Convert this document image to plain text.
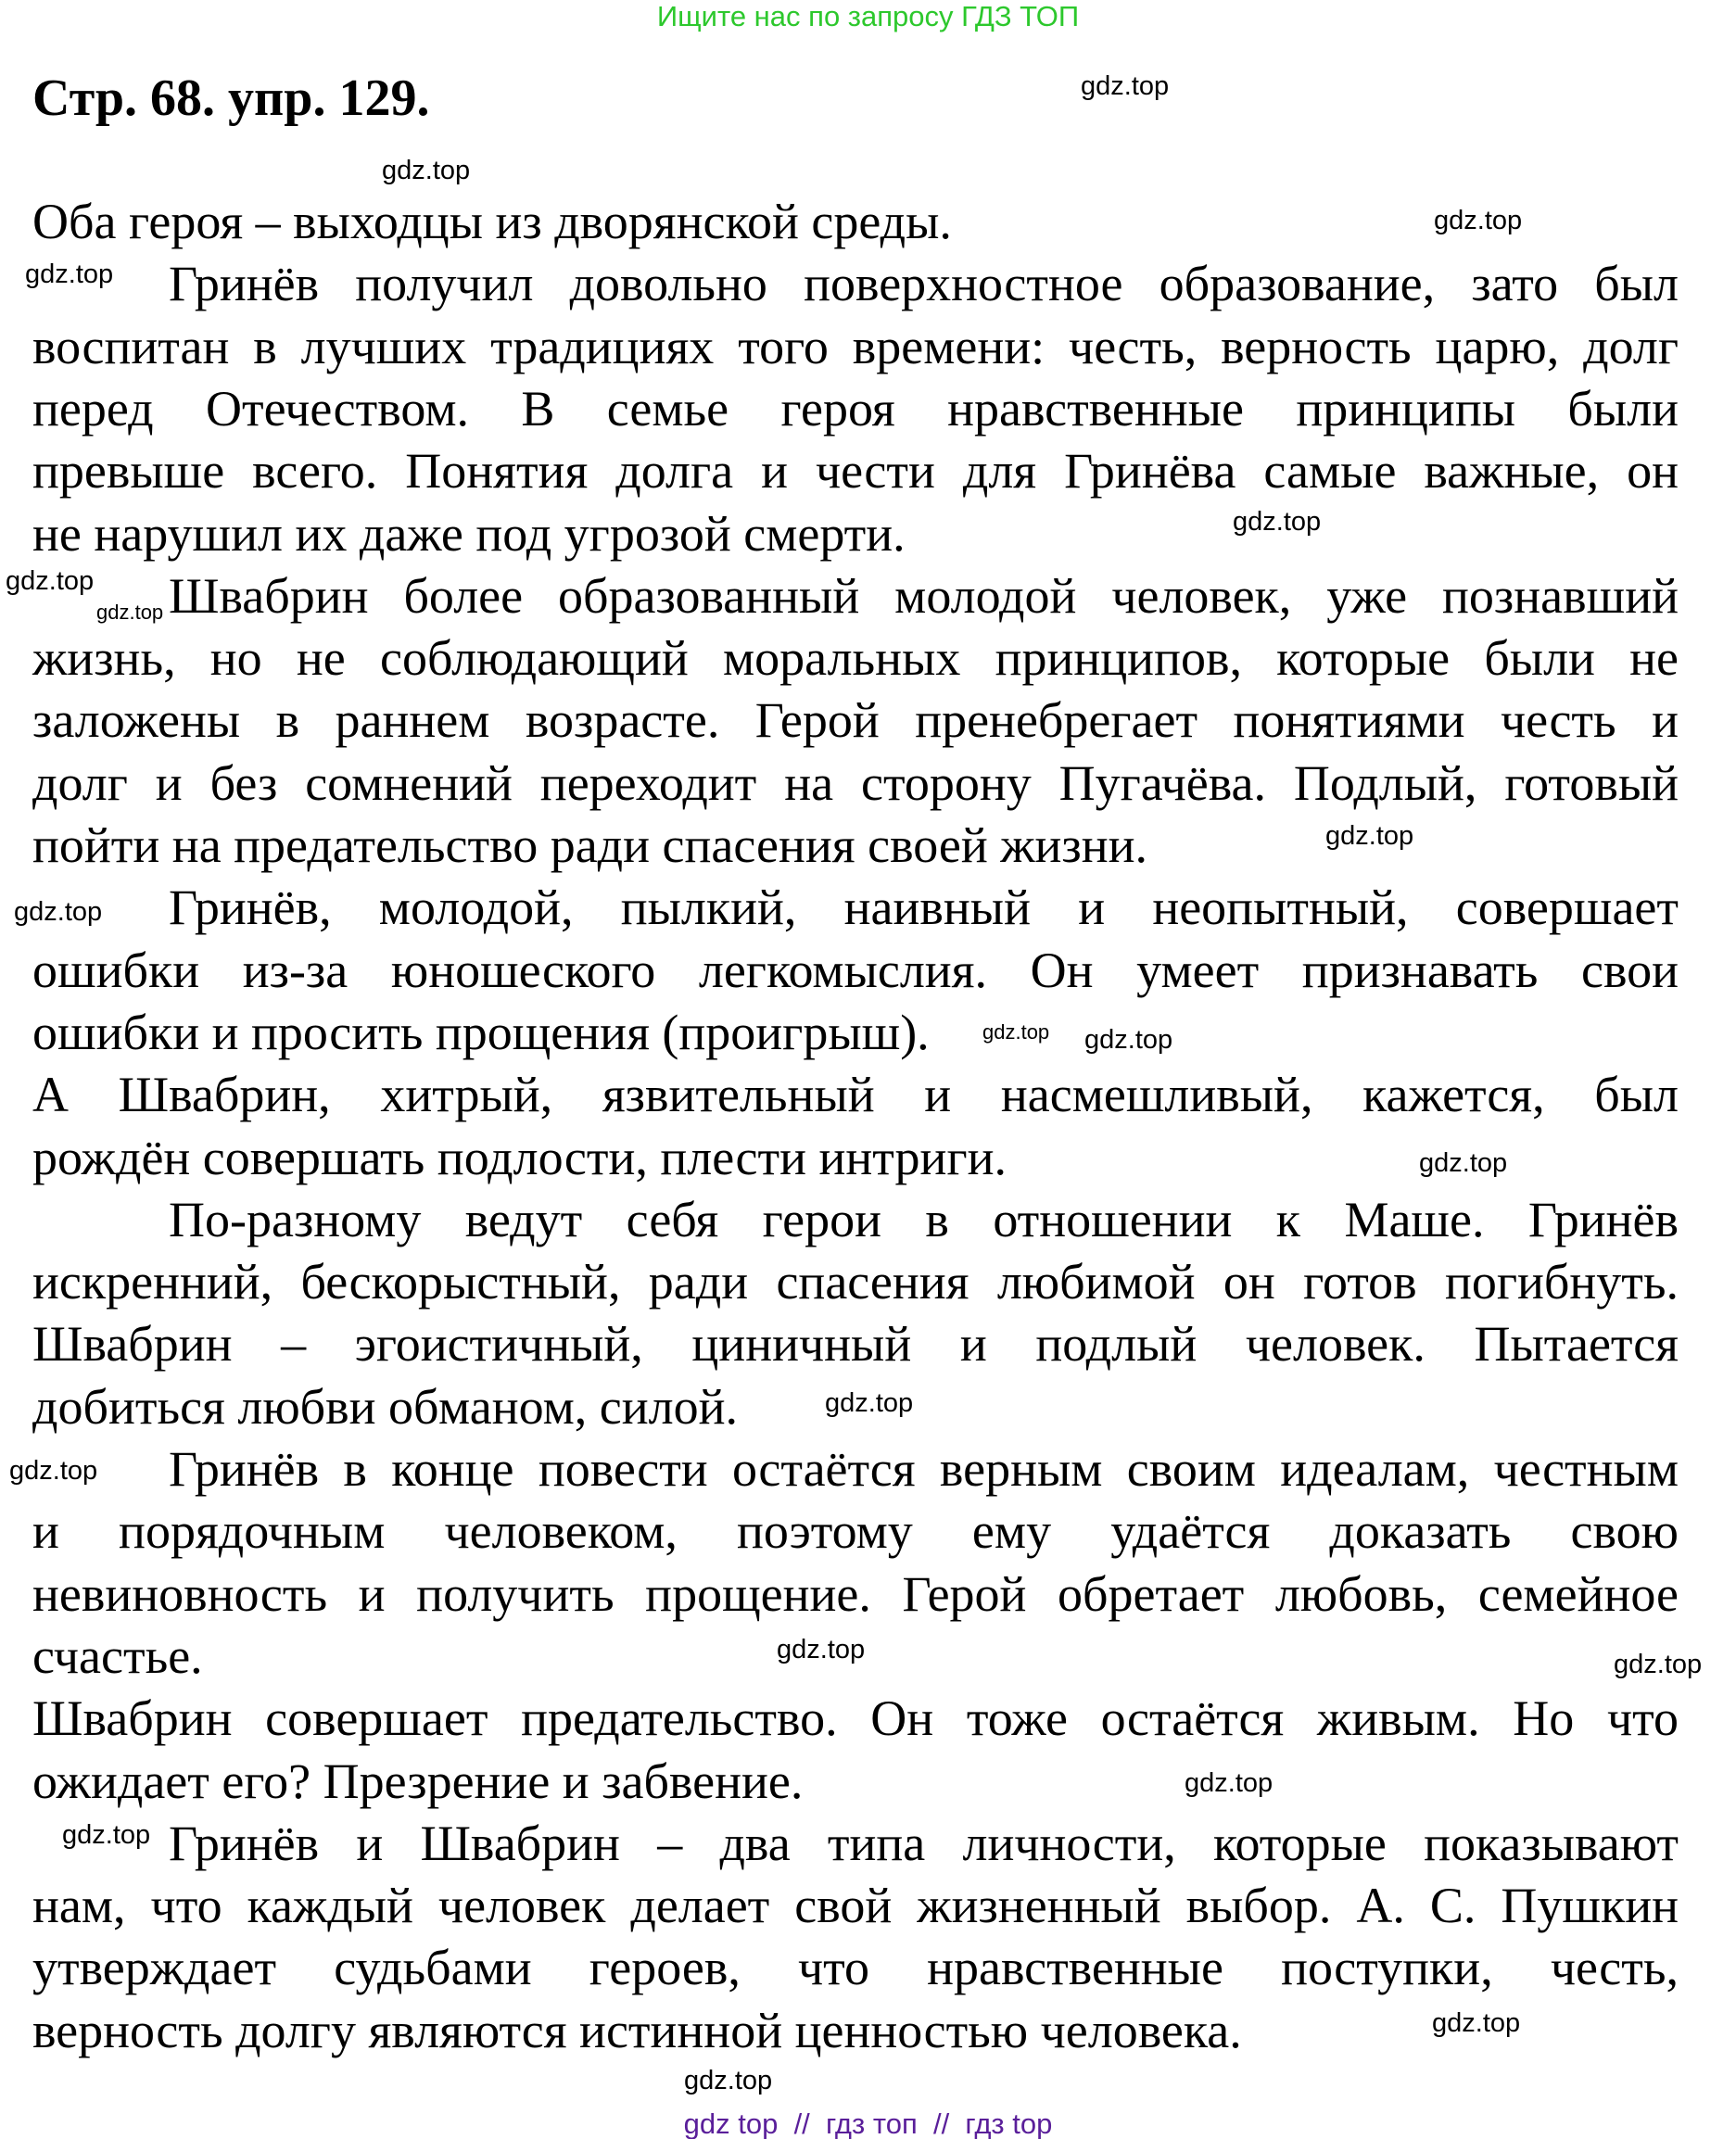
Ищите нас по запросу ГДЗ ТОП
Стр. 68. упр. 129.
Оба героя – выходцы из дворянской среды.
Гринёв получил довольно поверхностное образование, зато был
воспитан в лучших традициях того времени: честь, верность царю, долг
перед Отечеством. В семье героя нравственные принципы были
превыше всего. Понятия долга и чести для Гринёва самые важные, он
не нарушил их даже под угрозой смерти.
Швабрин более образованный молодой человек, уже познавший
жизнь, но не соблюдающий моральных принципов, которые были не
заложены в раннем возрасте. Герой пренебрегает понятиями честь и
долг и без сомнений переходит на сторону Пугачёва. Подлый, готовый
пойти на предательство ради спасения своей жизни.
Гринёв, молодой, пылкий, наивный и неопытный, совершает
ошибки из-за юношеского легкомыслия. Он умеет признавать свои
ошибки и просить прощения (проигрыш).
А Швабрин, хитрый, язвительный и насмешливый, кажется, был
рождён совершать подлости, плести интриги.
По-разному ведут себя герои в отношении к Маше. Гринёв
искренний, бескорыстный, ради спасения любимой он готов погибнуть.
Швабрин – эгоистичный, циничный и подлый человек. Пытается
добиться любви обманом, силой.
Гринёв в конце повести остаётся верным своим идеалам, честным
и порядочным человеком, поэтому ему удаётся доказать свою
невиновность и получить прощение. Герой обретает любовь, семейное
счастье.
Швабрин совершает предательство. Он тоже остаётся живым. Но что
ожидает его? Презрение и забвение.
Гринёв и Швабрин – два типа личности, которые показывают
нам, что каждый человек делает свой жизненный выбор. А. С. Пушкин
утверждает судьбами героев, что нравственные поступки, честь,
верность долгу являются истинной ценностью человека.
gdz.top
gdz.top
gdz.top
gdz.top
gdz.top
gdz.top
gdz.top
gdz.top
gdz.top
gdz.top gdz.top
gdz.top
gdz.top
gdz.top
gdz.top	gdz.top
gdz.top
gdz.top
gdz.top
gdz.top
gdz top  //  гдз топ  //  гдз top
